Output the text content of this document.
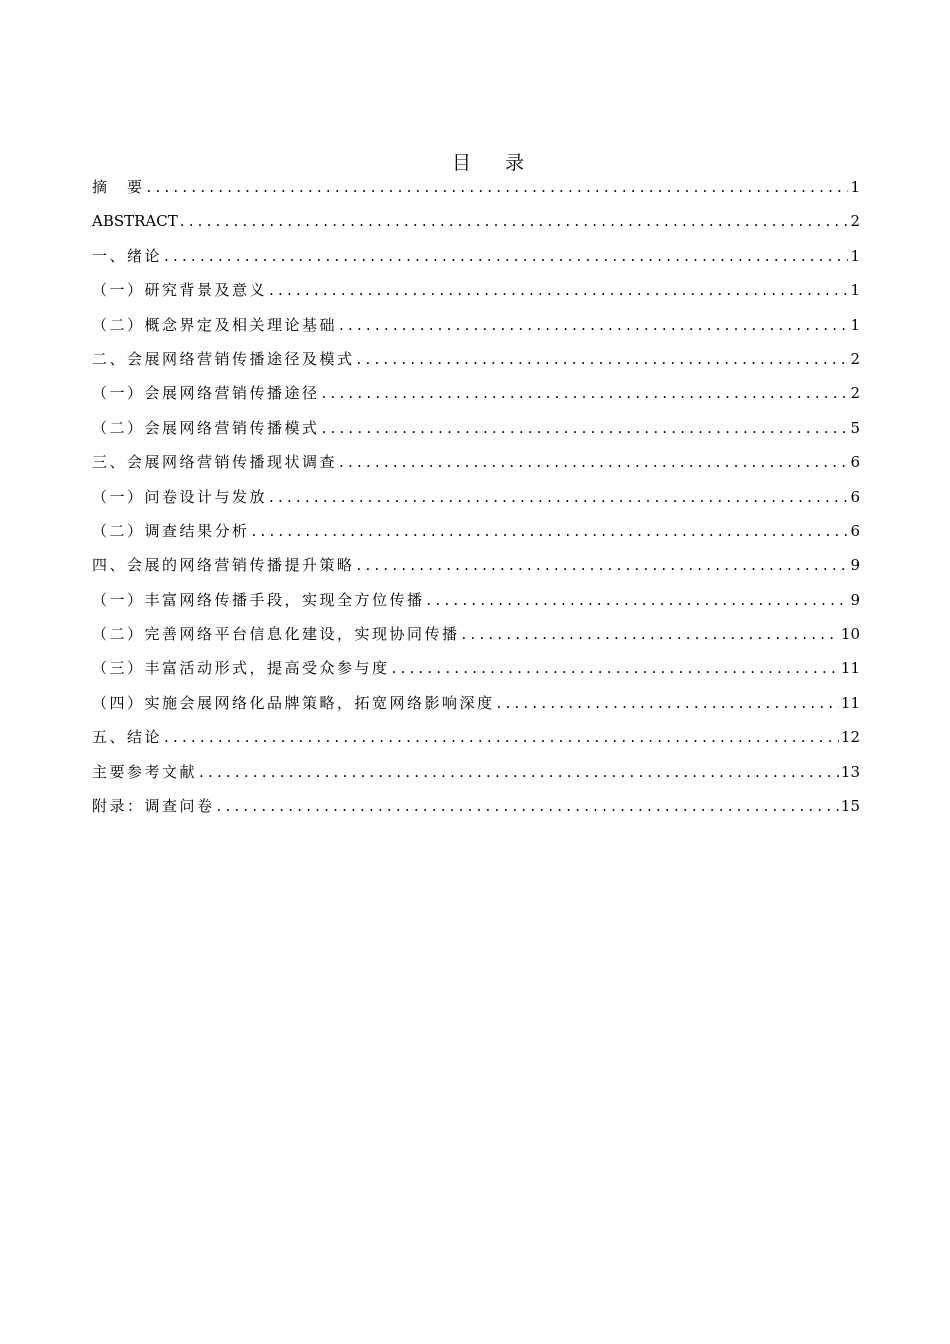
目 录
摘　要 .....	1
ABSTRACT .....	2
一、绪论 .....	1
（一）研究背景及意义 .....	1
（二）概念界定及相关理论基础 .....	1
二、会展网络营销传播途径及模式 .....	2
（一）会展网络营销传播途径 .....	2
（二）会展网络营销传播模式 .....	5
三、会展网络营销传播现状调查 .....	6
（一）问卷设计与发放 .....	6
（二）调查结果分析 .....	6
四、会展的网络营销传播提升策略 .....	9
（一）丰富网络传播手段，实现全方位传播 .....	9
（二）完善网络平台信息化建设，实现协同传播 .....	10
（三）丰富活动形式，提高受众参与度 .....	11
（四）实施会展网络化品牌策略，拓宽网络影响深度 .....	11
五、结论 .....	12
主要参考文献 .....	13
附录：调查问卷 .....	15
